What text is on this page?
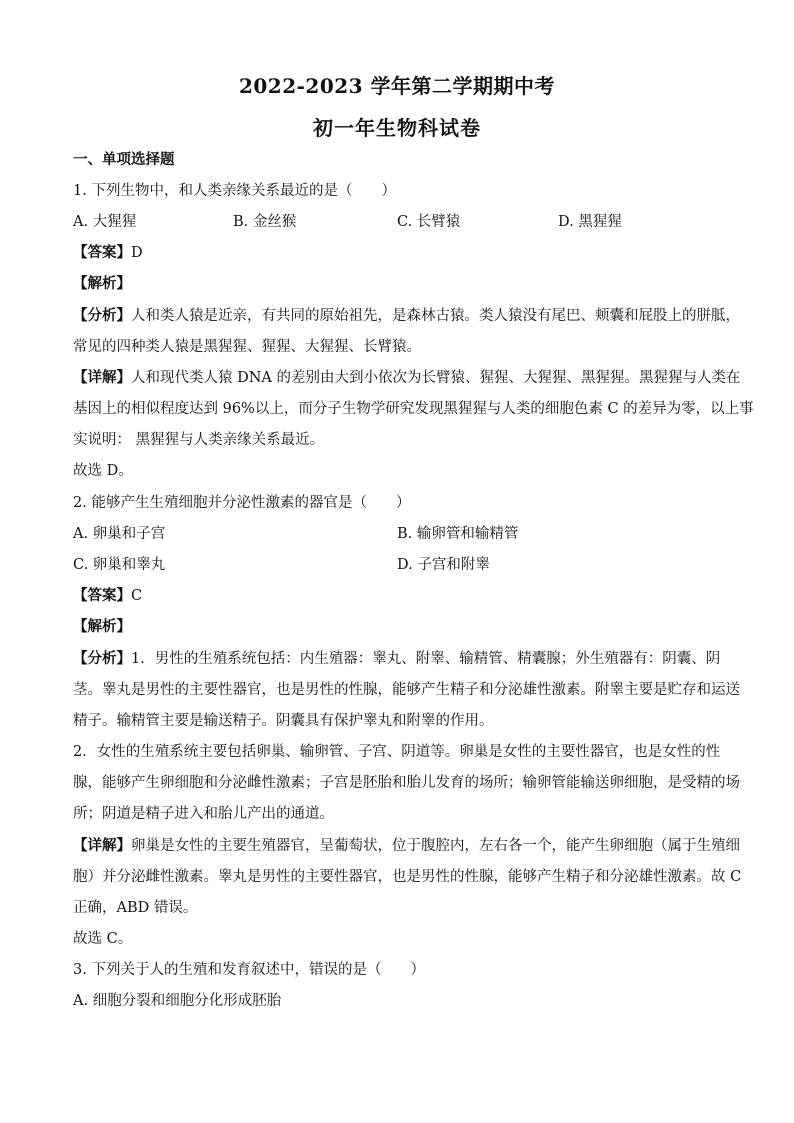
2022-2023 学年第二学期期中考
初一年生物科试卷
一、单项选择题
1. 下列生物中，和人类亲缘关系最近的是（　　）
A. 大猩猩	B. 金丝猴	C. 长臂猿	D. 黑猩猩
【答案】D
【解析】
【分析】人和类人猿是近亲，有共同的原始祖先，是森林古猿。类人猿没有尾巴、颊囊和屁股上的胼胝，
常见的四种类人猿是黑猩猩、猩猩、大猩猩、长臂猿。
【详解】人和现代类人猿 DNA 的差别由大到小依次为长臂猿、猩猩、大猩猩、黑猩猩。黑猩猩与人类在
基因上的相似程度达到 96%以上，而分子生物学研究发现黑猩猩与人类的细胞色素 C 的差异为零，以上事
实说明： 黑猩猩与人类亲缘关系最近。
故选 D。
2. 能够产生生殖细胞并分泌性激素的器官是（　　）
A. 卵巢和子宫	B. 输卵管和输精管
C. 卵巢和睾丸	D. 子宫和附睾
【答案】C
【解析】
【分析】1．男性的生殖系统包括：内生殖器：睾丸、附睾、输精管、精囊腺；外生殖器有：阴囊、阴
茎。睾丸是男性的主要性器官，也是男性的性腺，能够产生精子和分泌雄性激素。附睾主要是贮存和运送
精子。输精管主要是输送精子。阴囊具有保护睾丸和附睾的作用。
2．女性的生殖系统主要包括卵巢、输卵管、子宫、阴道等。卵巢是女性的主要性器官，也是女性的性
腺，能够产生卵细胞和分泌雌性激素；子宫是胚胎和胎儿发育的场所；输卵管能输送卵细胞，是受精的场
所；阴道是精子进入和胎儿产出的通道。
【详解】卵巢是女性的主要生殖器官，呈葡萄状，位于腹腔内，左右各一个，能产生卵细胞（属于生殖细
胞）并分泌雌性激素。睾丸是男性的主要性器官，也是男性的性腺，能够产生精子和分泌雄性激素。故 C
正确，ABD 错误。
故选 C。
3. 下列关于人的生殖和发育叙述中，错误的是（　　）
A. 细胞分裂和细胞分化形成胚胎
